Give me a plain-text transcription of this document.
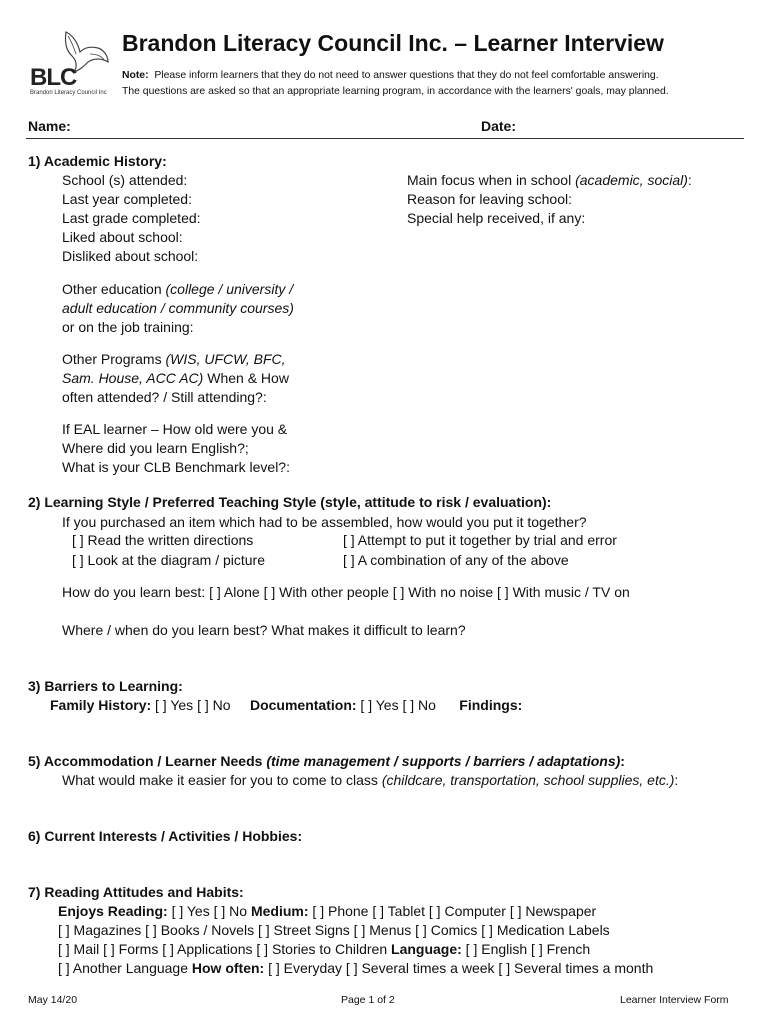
BLC
Brandon Literacy Council Inc
Brandon Literacy Council Inc. – Learner Interview
Note: Please inform learners that they do not need to answer questions that they do not feel comfortable answering.
The questions are asked so that an appropriate learning program, in accordance with the learners' goals, may planned.
Name:	Date:
1) Academic History:
School (s) attended:
Last year completed:
Last grade completed:
Liked about school:
Disliked about school:
Main focus when in school (academic, social):
Reason for leaving school:
Special help received, if any:
Other education (college / university /
adult education / community courses)
or on the job training:
Other Programs (WIS, UFCW, BFC,
Sam. House, ACC AC) When & How
often attended? / Still attending?:
If EAL learner – How old were you &
Where did you learn English?;
What is your CLB Benchmark level?:
2) Learning Style / Preferred Teaching Style (style, attitude to risk / evaluation):
If you purchased an item which had to be assembled, how would you put it together?
[ ] Read the written directions
[ ] Look at the diagram / picture
[ ] Attempt to put it together by trial and error
[ ] A combination of any of the above
How do you learn best: [ ] Alone [ ] With other people [ ] With no noise [ ] With music / TV on
Where / when do you learn best? What makes it difficult to learn?
3) Barriers to Learning:
Family History: [ ] Yes [ ] No Documentation: [ ] Yes [ ] No Findings:
5) Accommodation / Learner Needs (time management / supports / barriers / adaptations):
What would make it easier for you to come to class (childcare, transportation, school supplies, etc.):
6) Current Interests / Activities / Hobbies:
7) Reading Attitudes and Habits:
Enjoys Reading: [ ] Yes [ ] No Medium: [ ] Phone [ ] Tablet [ ] Computer [ ] Newspaper
[ ] Magazines [ ] Books / Novels [ ] Street Signs [ ] Menus [ ] Comics [ ] Medication Labels
[ ] Mail [ ] Forms [ ] Applications [ ] Stories to Children Language: [ ] English [ ] French
[ ] Another Language How often: [ ] Everyday [ ] Several times a week [ ] Several times a month
May 14/20	Page 1 of 2	Learner Interview Form
